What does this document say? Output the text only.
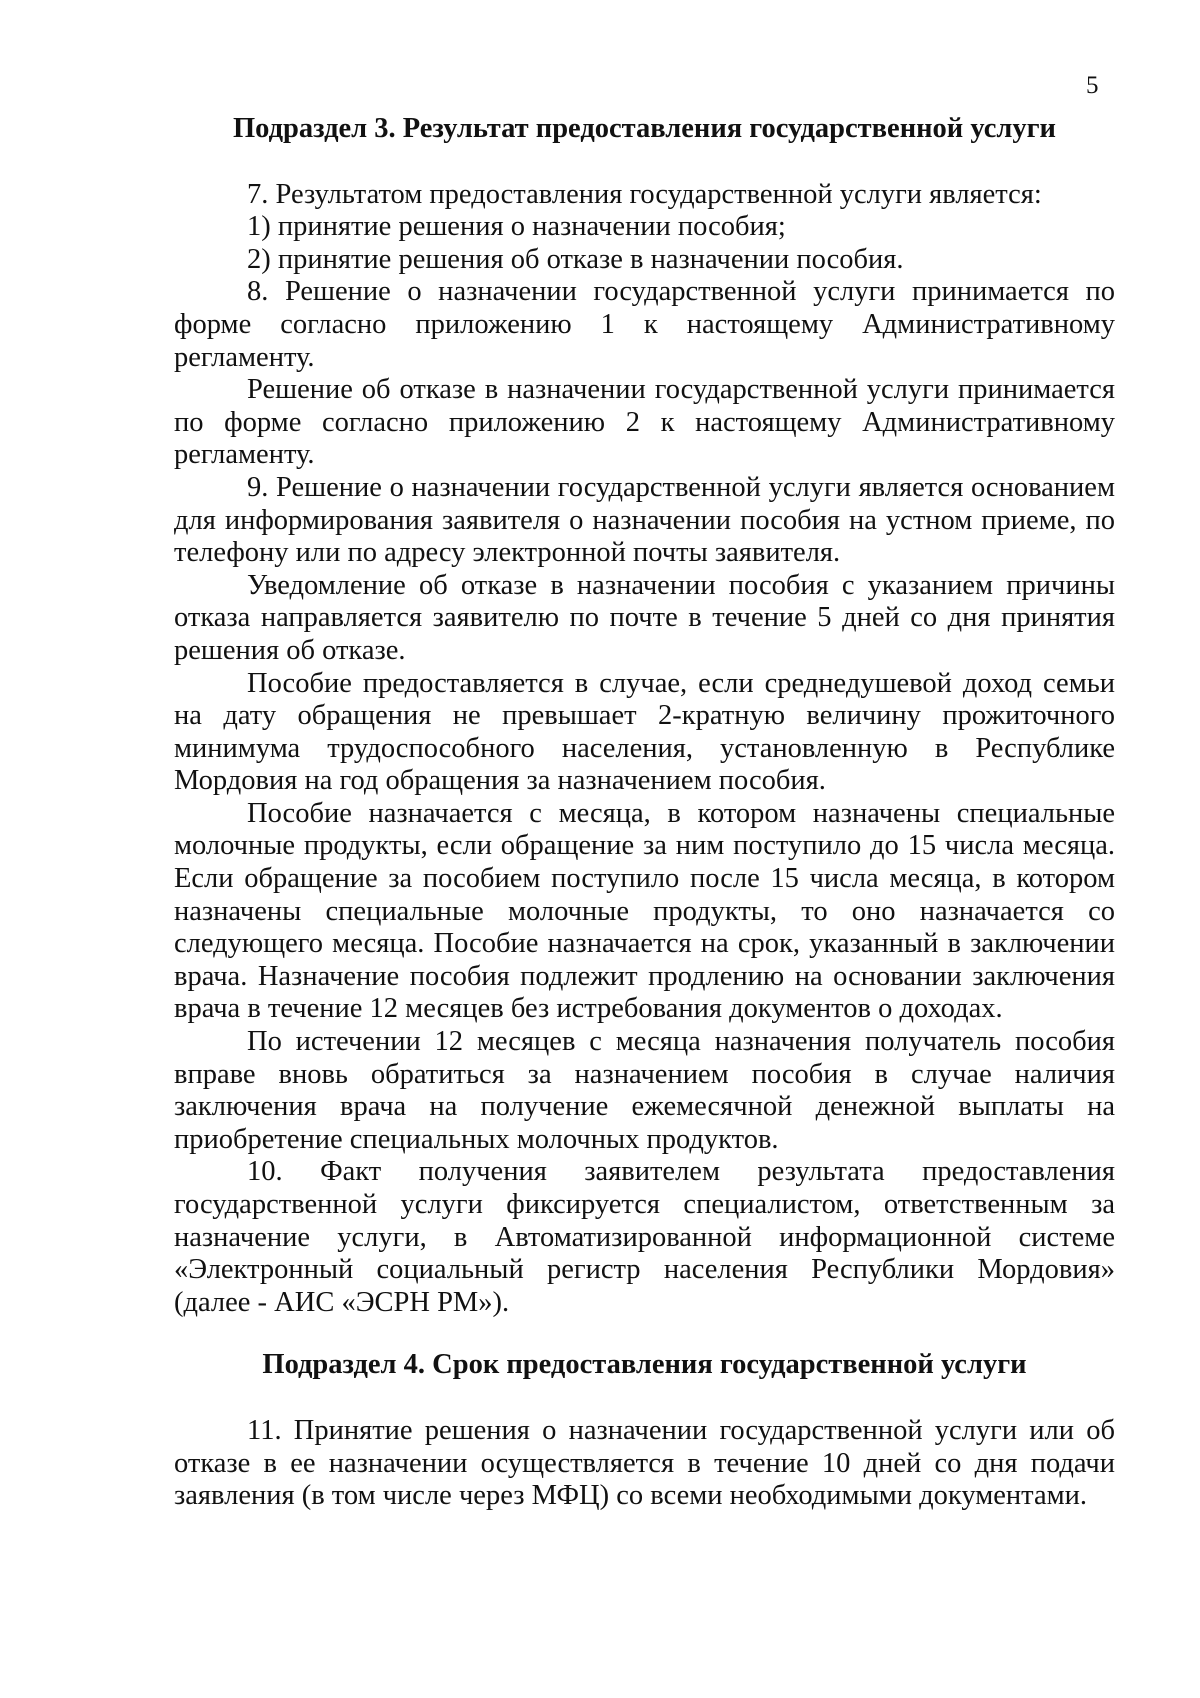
5
Подраздел 3. Результат предоставления государственной услуги

7. Результатом предоставления государственной услуги является:

1) принятие решения о назначении пособия;

2) принятие решения об отказе в назначении пособия.

8. Решение о назначении государственной услуги принимается по форме согласно приложению 1 к настоящему Административному регламенту.

Решение об отказе в назначении государственной услуги принимается по форме согласно приложению 2 к настоящему Административному регламенту.

9. Решение о назначении государственной услуги является основанием для информирования заявителя о назначении пособия на устном приеме, по телефону или по адресу электронной почты заявителя.

Уведомление об отказе в назначении пособия с указанием причины отказа направляется заявителю по почте в течение 5 дней со дня принятия решения об отказе.

Пособие предоставляется в случае, если среднедушевой доход семьи на дату обращения не превышает 2-кратную величину прожиточного минимума трудоспособного населения, установленную в Республике Мордовия на год обращения за назначением пособия.

Пособие назначается с месяца, в котором назначены специальные молочные продукты, если обращение за ним поступило до 15 числа месяца. Если обращение за пособием поступило после 15 числа месяца, в котором назначены специальные молочные продукты, то оно назначается со следующего месяца. Пособие назначается на срок, указанный в заключении врача. Назначение пособия подлежит продлению на основании заключения врача в течение 12 месяцев без истребования документов о доходах.

По истечении 12 месяцев с месяца назначения получатель пособия вправе вновь обратиться за назначением пособия в случае наличия заключения врача на получение ежемесячной денежной выплаты на приобретение специальных молочных продуктов.

10. Факт получения заявителем результата предоставления государственной услуги фиксируется специалистом, ответственным за назначение услуги, в Автоматизированной информационной системе «Электронный социальный регистр населения Республики Мордовия» (далее - АИС «ЭСРН РМ»).

Подраздел 4. Срок предоставления государственной услуги

11. Принятие решения о назначении государственной услуги или об отказе в ее назначении осуществляется в течение 10 дней со дня подачи заявления (в том числе через МФЦ) со всеми необходимыми документами.
